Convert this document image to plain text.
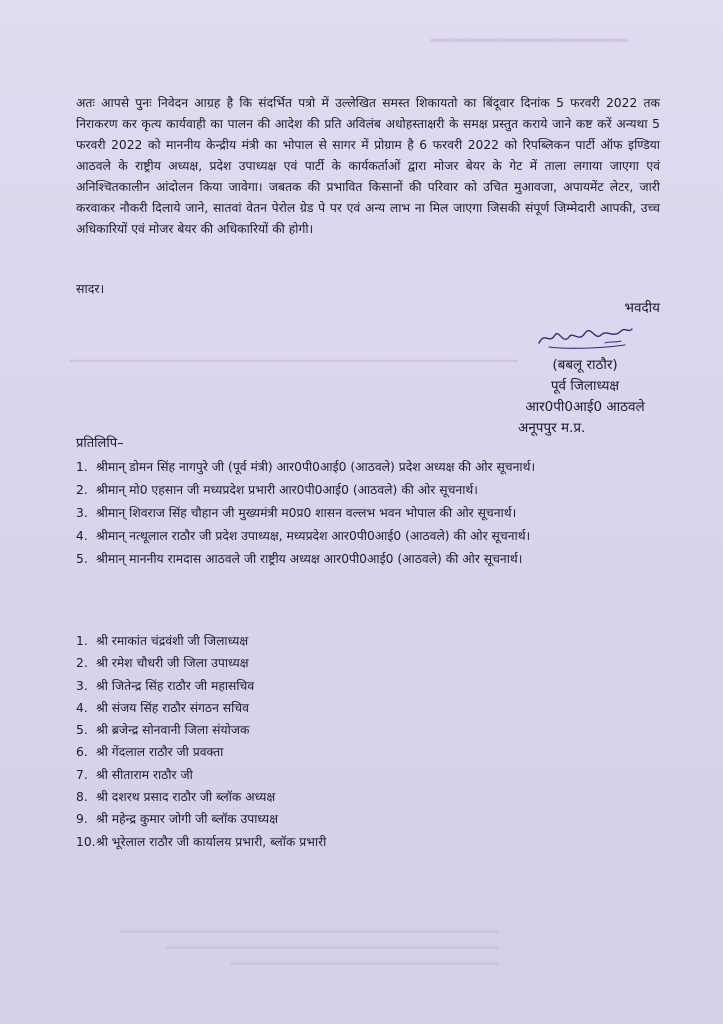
▔▔▔▔▔▔▔▔▔▔▔
▔▔▔▔▔▔▔▔▔▔▔▔▔▔▔▔▔▔▔▔▔▔▔▔▔▔▔▔▔▔▔▔▔▔▔▔▔▔▔▔▔▔▔▔▔▔▔▔▔▔▔▔▔
▔▔▔▔▔▔▔▔▔▔▔▔▔▔▔▔▔▔▔▔▔▔▔▔▔▔▔▔▔▔▔▔▔▔▔▔▔▔▔▔▔
▔▔▔▔▔▔▔▔▔▔▔▔▔▔▔▔▔▔▔▔▔▔▔▔▔▔▔▔▔▔▔▔▔▔▔▔
▔▔▔▔▔▔▔▔▔▔▔▔▔▔▔▔▔▔▔▔▔▔▔▔▔▔▔▔▔

अतः आपसे पुनः निवेदन आग्रह है कि संदर्भित पत्रो में उल्लेखित समस्त शिकायतो का बिंदूवार दिनांक 5 फरवरी 2022 तक निराकरण कर कृत्य कार्यवाही का पालन की आदेश की प्रति अविलंब अधोहस्ताक्षरी के समक्ष प्रस्तुत कराये जाने कष्ट करें अन्यथा 5 फरवरी 2022 को माननीय केन्द्रीय मंत्री का भोपाल से सागर में प्रोग्राम है 6 फरवरी 2022 को रिपब्लिकन पार्टी ऑफ इण्डिया आठवले के राष्ट्रीय अध्यक्ष, प्रदेश उपाध्यक्ष एवं पार्टी के कार्यकर्ताओं द्वारा मोजर बेयर के गेट में ताला लगाया जाएगा एवं अनिश्चितकालीन आंदोलन किया जावेगा। जबतक की प्रभावित किसानों की परिवार को उचित मुआवजा, अपायमेंट लेटर, जारी करवाकर नौकरी दिलाये जाने, सातवां वेतन पेरोल ग्रेड पे पर एवं अन्य लाभ ना मिल जाएगा जिसकी संपूर्ण जिम्मेदारी आपकी, उच्च अधिकारियों एवं मोजर बेयर की अधिकारियों की होगी।

सादर।
भवदीय
(बबलू राठौर)
पूर्व जिलाध्यक्ष
आर0पी0आई0 आठवले
अनूपपुर म.प्र.
प्रतिलिपि–
1. श्रीमान् डोमन सिंह नागपुरे जी (पूर्व मंत्री) आर0पी0आई0 (आठवले) प्रदेश अध्यक्ष की ओर सूचनार्थ।
2. श्रीमान् मो0 एहसान जी मध्यप्रदेश प्रभारी आर0पी0आई0 (आठवले) की ओर सूचनार्थ।
3. श्रीमान् शिवराज सिंह चौहान जी मुख्यमंत्री म0प्र0 शासन वल्लभ भवन भोपाल की ओर सूचनार्थ।
4. श्रीमान् नत्थूलाल राठौर जी प्रदेश उपाध्यक्ष, मध्यप्रदेश आर0पी0आई0 (आठवले) की ओर सूचनार्थ।
5. श्रीमान् माननीय रामदास आठवले जी राष्ट्रीय अध्यक्ष आर0पी0आई0 (आठवले) की ओर सूचनार्थ।
1. श्री रमाकांत चंद्रवंशी जी जिलाध्यक्ष
2. श्री रमेश चौधरी जी जिला उपाध्यक्ष
3. श्री जितेन्द्र सिंह राठौर जी महासचिव
4. श्री संजय सिंह राठौर संगठन सचिव
5. श्री ब्रजेन्द्र सोनवानी जिला संयोजक
6. श्री गेंदलाल राठौर जी प्रवक्ता
7. श्री सीताराम राठौर जी
8. श्री दशरथ प्रसाद राठौर जी ब्लॉक अध्यक्ष
9. श्री महेन्द्र कुमार जोगी जी ब्लॉक उपाध्यक्ष
10. श्री भूरेलाल राठौर जी कार्यालय प्रभारी, ब्लॉक प्रभारी
